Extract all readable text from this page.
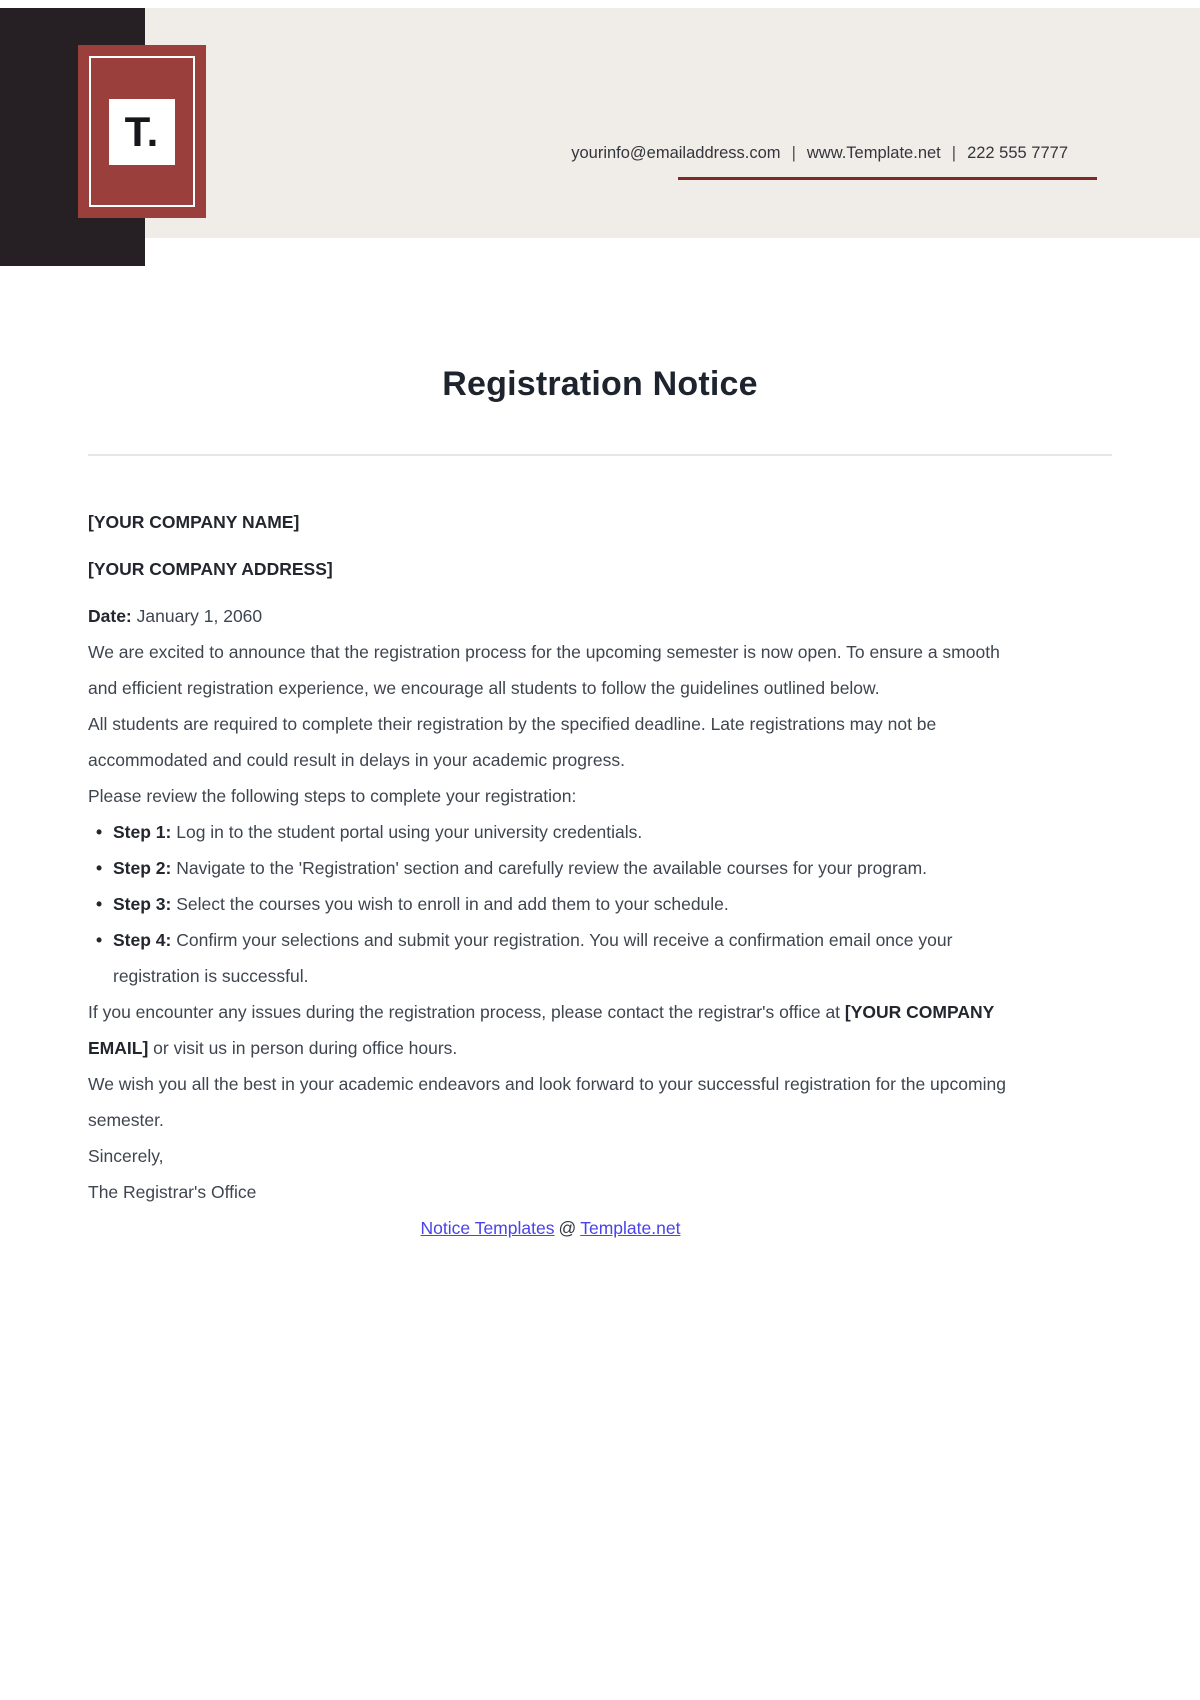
T.	yourinfo@emailaddress.com | www.Template.net | 222 555 7777
Registration Notice

[YOUR COMPANY NAME]

[YOUR COMPANY ADDRESS]

Date: January 1, 2060

We are excited to announce that the registration process for the upcoming semester is now open. To ensure a smooth and efficient registration experience, we encourage all students to follow the guidelines outlined below.

All students are required to complete their registration by the specified deadline. Late registrations may not be accommodated and could result in delays in your academic progress.

Please review the following steps to complete your registration:

• Step 1: Log in to the student portal using your university credentials.
• Step 2: Navigate to the 'Registration' section and carefully review the available courses for your program.
• Step 3: Select the courses you wish to enroll in and add them to your schedule.
• Step 4: Confirm your selections and submit your registration. You will receive a confirmation email once your registration is successful.

If you encounter any issues during the registration process, please contact the registrar's office at [YOUR COMPANY EMAIL] or visit us in person during office hours.

We wish you all the best in your academic endeavors and look forward to your successful registration for the upcoming semester.

Sincerely,

The Registrar's Office

Notice Templates @ Template.net
